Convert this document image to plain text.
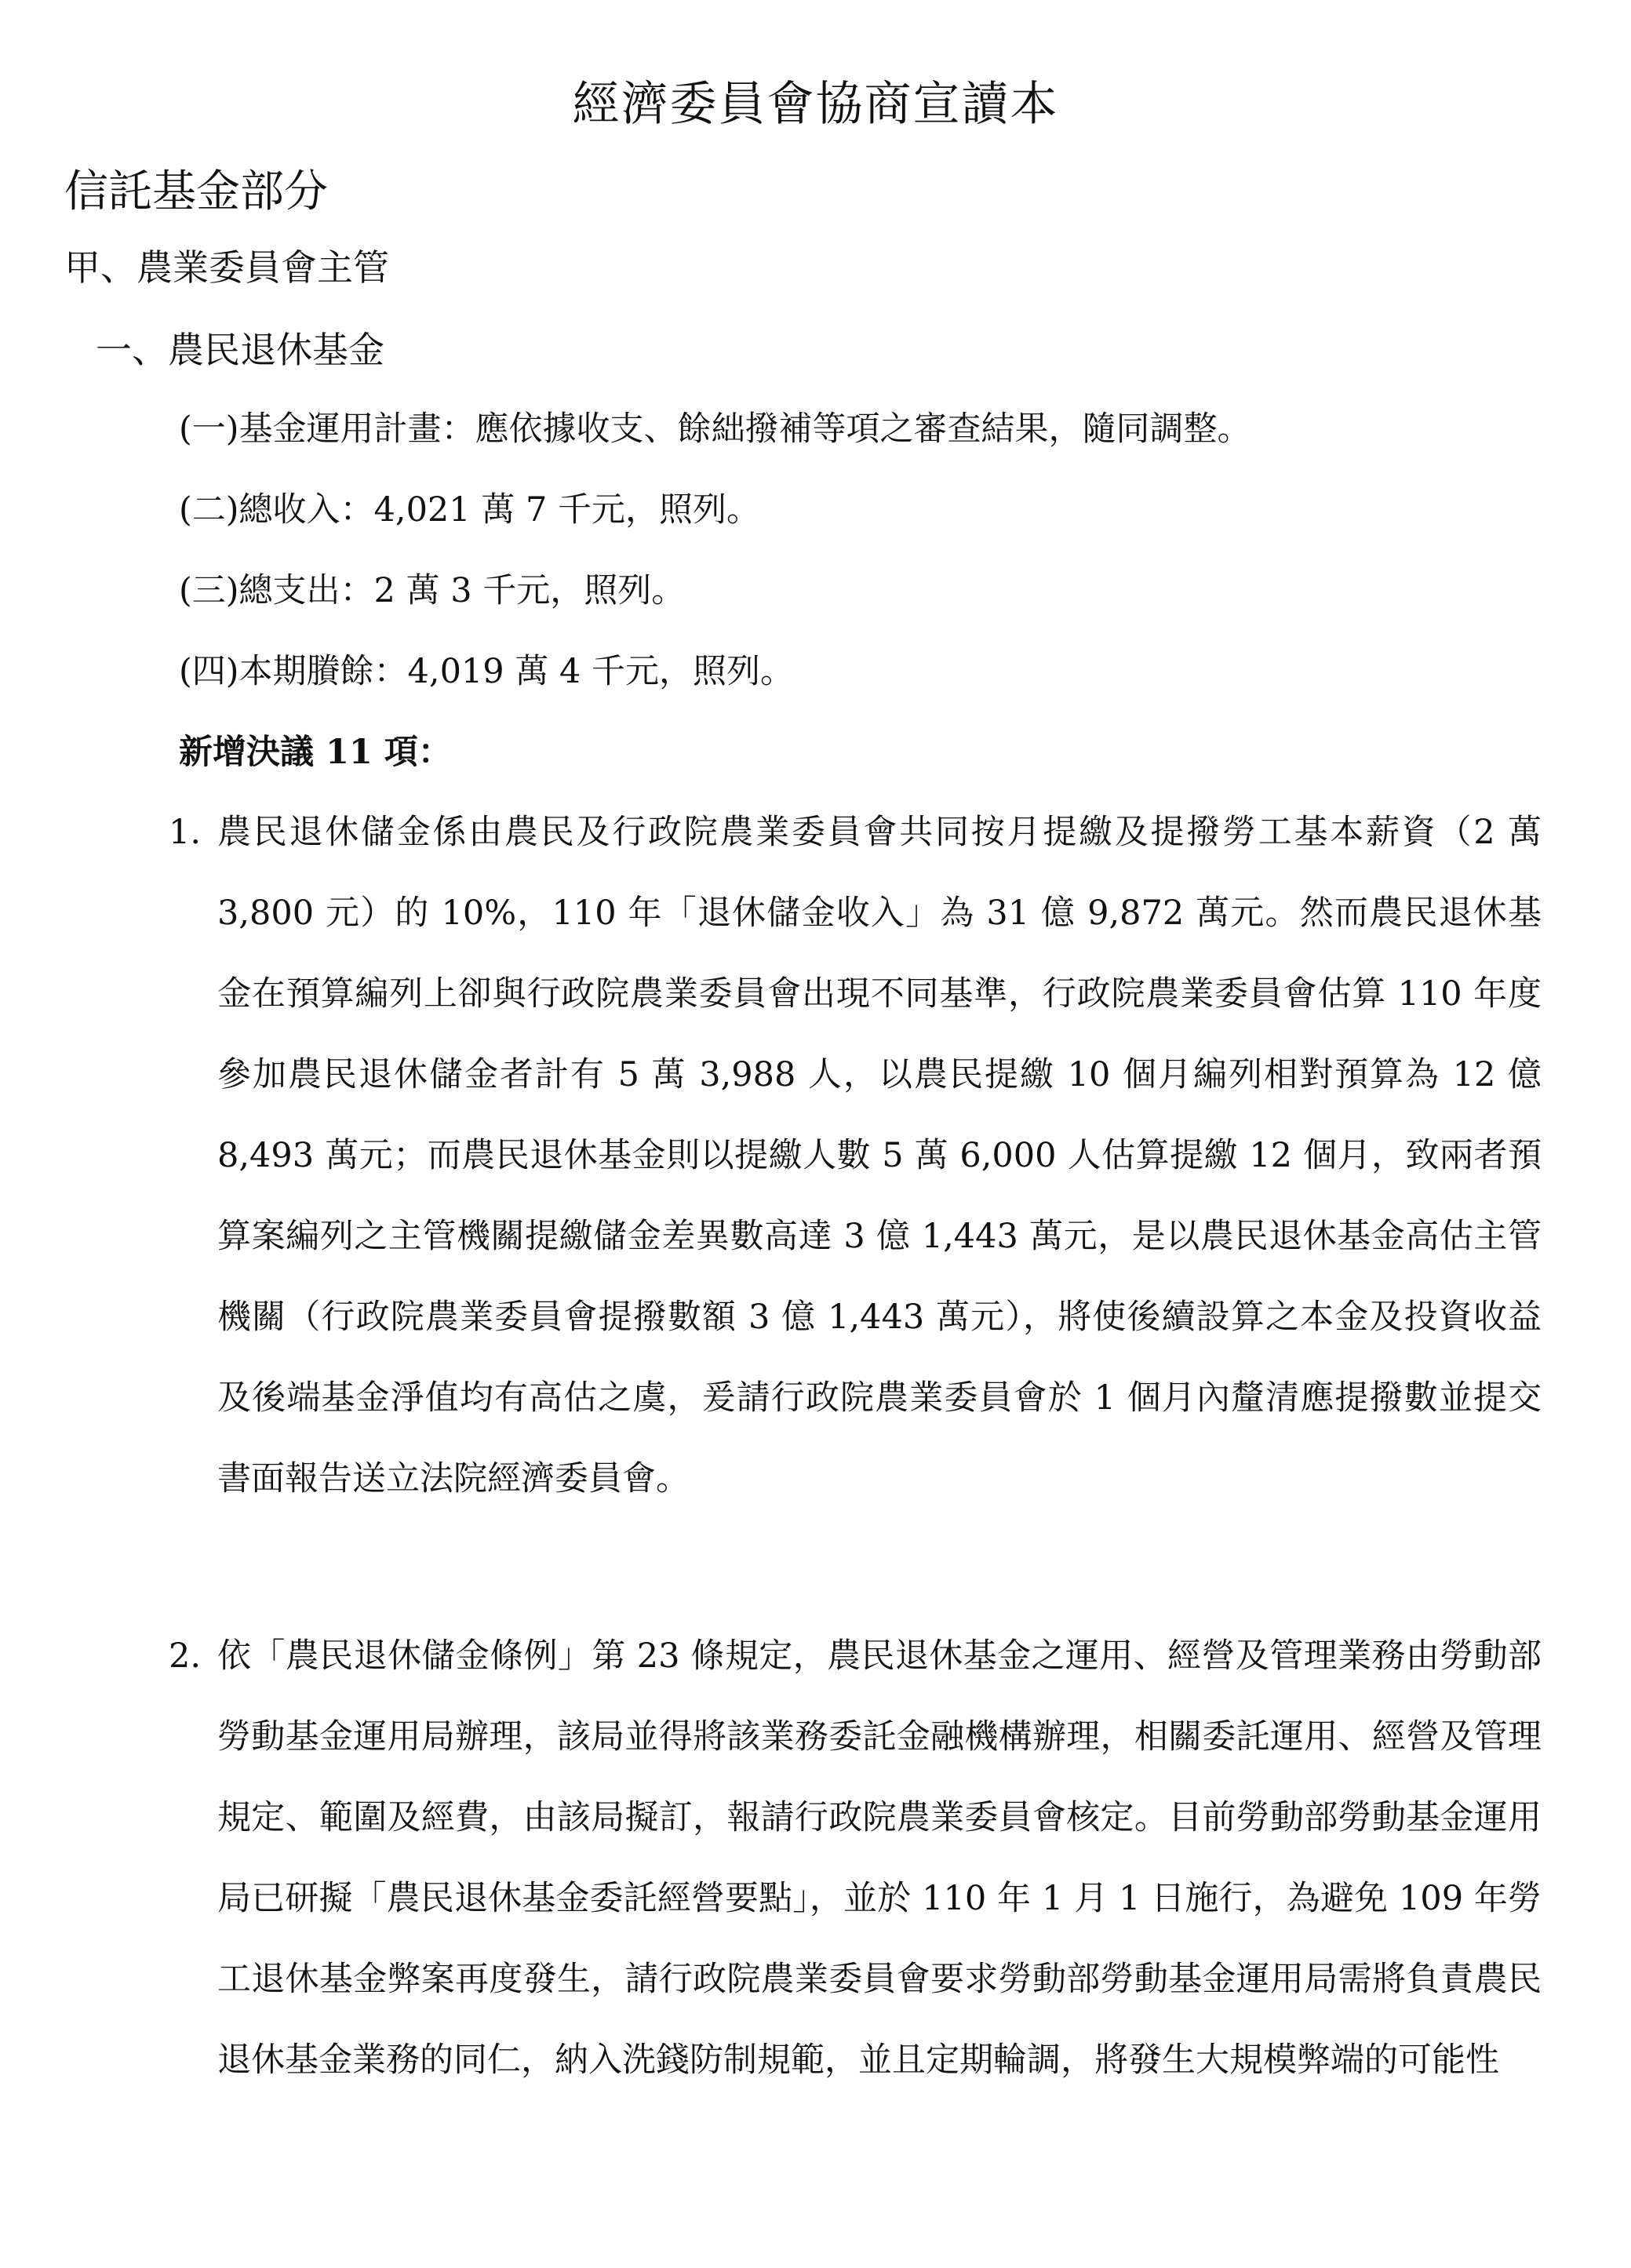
經濟委員會協商宣讀本
信託基金部分
甲、農業委員會主管
一、農民退休基金
(一)基金運用計畫：應依據收支、餘絀撥補等項之審查結果，隨同調整。
(二)總收入：4,021 萬 7 千元，照列。
(三)總支出：2 萬 3 千元，照列。
(四)本期賸餘：4,019 萬 4 千元，照列。
新增決議 11 項：
1. 農民退休儲金係由農民及行政院農業委員會共同按月提繳及提撥勞工基本薪資（2 萬 3,800 元）的 10%，110 年「退休儲金收入」為 31 億 9,872 萬元。然而農民退休基金在預算編列上卻與行政院農業委員會出現不同基準，行政院農業委員會估算 110 年度參加農民退休儲金者計有 5 萬 3,988 人，以農民提繳 10 個月編列相對預算為 12 億 8,493 萬元；而農民退休基金則以提繳人數 5 萬 6,000 人估算提繳 12 個月，致兩者預算案編列之主管機關提繳儲金差異數高達 3 億 1,443 萬元，是以農民退休基金高估主管機關（行政院農業委員會提撥數額 3 億 1,443 萬元），將使後續設算之本金及投資收益及後端基金淨值均有高估之虞，爰請行政院農業委員會於 1 個月內釐清應提撥數並提交書面報告送立法院經濟委員會。
2. 依「農民退休儲金條例」第 23 條規定，農民退休基金之運用、經營及管理業務由勞動部勞動基金運用局辦理，該局並得將該業務委託金融機構辦理，相關委託運用、經營及管理規定、範圍及經費，由該局擬訂，報請行政院農業委員會核定。目前勞動部勞動基金運用局已研擬「農民退休基金委託經營要點」，並於 110 年 1 月 1 日施行，為避免 109 年勞工退休基金弊案再度發生，請行政院農業委員會要求勞動部勞動基金運用局需將負責農民退休基金業務的同仁，納入洗錢防制規範，並且定期輪調，將發生大規模弊端的可能性
